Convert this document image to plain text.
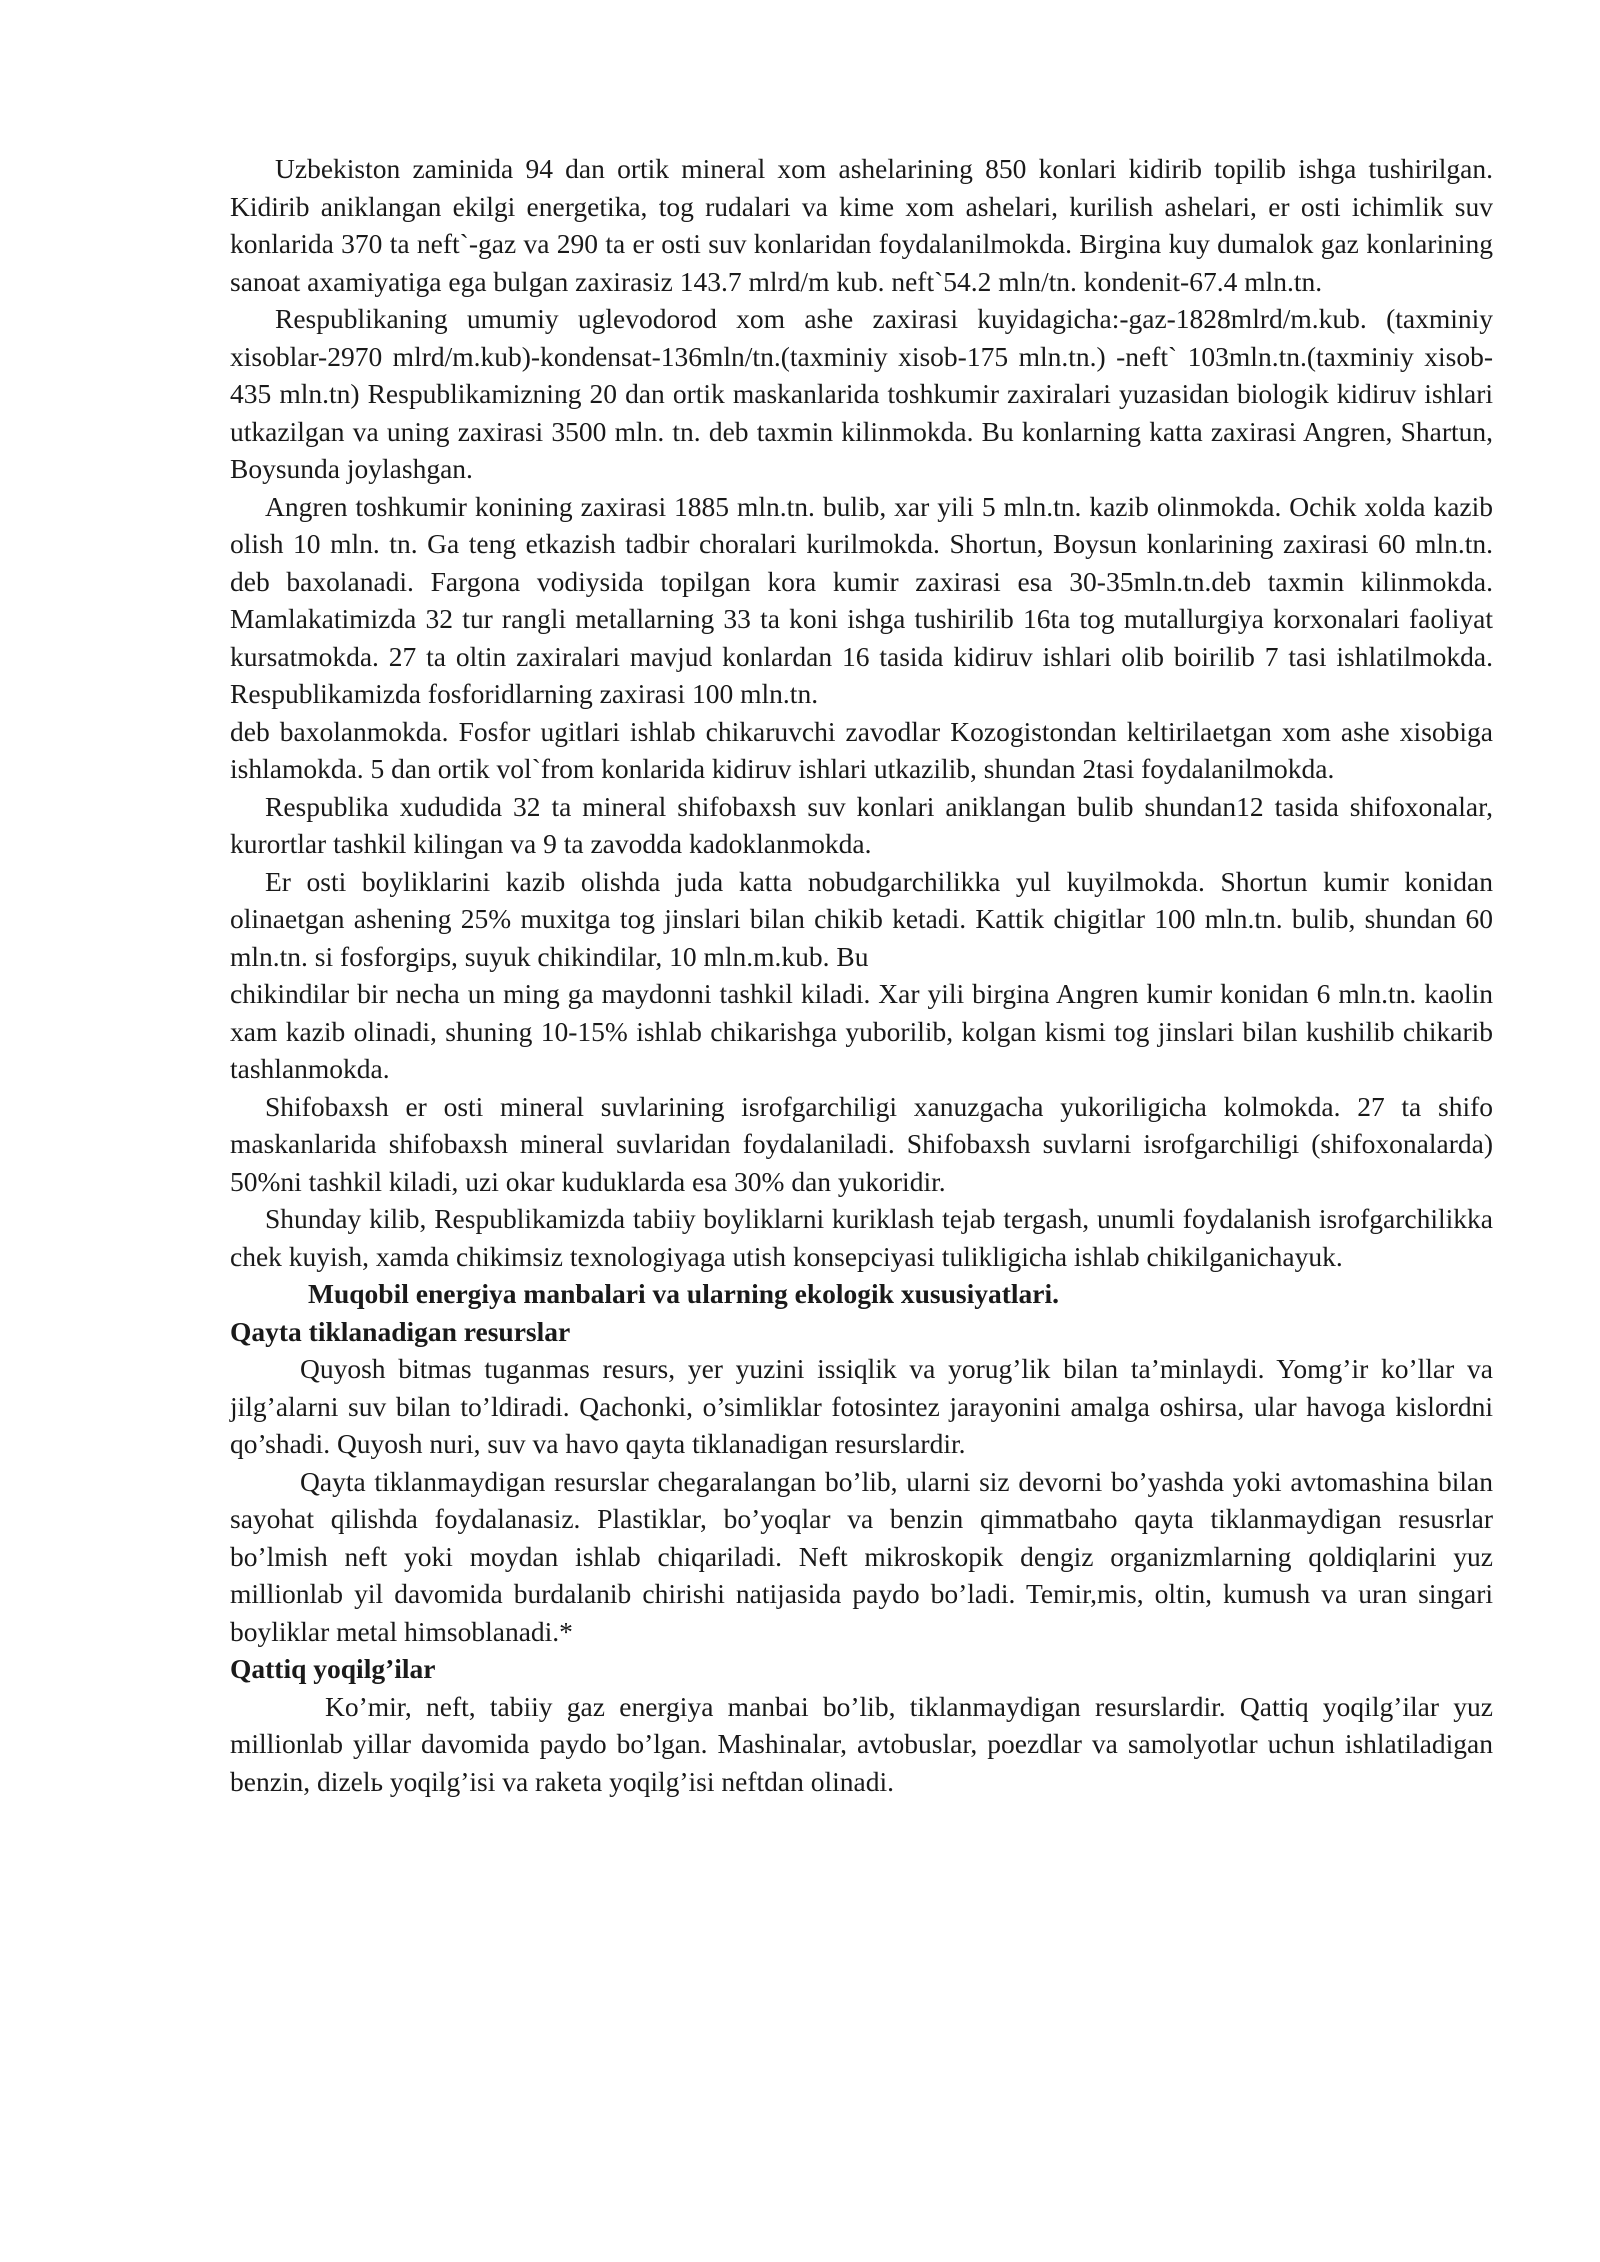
Uzbekiston zaminida 94 dan ortik mineral xom ashelarining 850 konlari kidirib topilib ishga tushirilgan. Kidirib aniklangan ekilgi energetika, tog rudalari va kime xom ashelari, kurilish ashelari, er osti ichimlik suv konlarida 370 ta neft`-gaz va 290 ta er osti suv konlaridan foydalanilmokda. Birgina kuy dumalok gaz konlarining sanoat axamiyatiga ega bulgan zaxirasiz 143.7 mlrd/m kub. neft`54.2 mln/tn. kondenit-67.4 mln.tn.

Respublikaning umumiy uglevodorod xom ashe zaxirasi kuyidagicha:-gaz-1828mlrd/m.kub. (taxminiy xisoblar-2970 mlrd/m.kub)-kondensat-136mln/tn.(taxminiy xisob-175 mln.tn.) -neft` 103mln.tn.(taxminiy xisob-435 mln.tn) Respublikamizning 20 dan ortik maskanlarida toshkumir zaxiralari yuzasidan biologik kidiruv ishlari utkazilgan va uning zaxirasi 3500 mln. tn. deb taxmin kilinmokda. Bu konlarning katta zaxirasi Angren, Shartun, Boysunda joylashgan.

Angren toshkumir konining zaxirasi 1885 mln.tn. bulib, xar yili 5 mln.tn. kazib olinmokda. Ochik xolda kazib olish 10 mln. tn. Ga teng etkazish tadbir choralari kurilmokda. Shortun, Boysun konlarining zaxirasi 60 mln.tn. deb baxolanadi. Fargona vodiysida topilgan kora kumir zaxirasi esa 30-35mln.tn.deb taxmin kilinmokda. Mamlakatimizda 32 tur rangli metallarning 33 ta koni ishga tushirilib 16ta tog mutallurgiya korxonalari faoliyat kursatmokda. 27 ta oltin zaxiralari mavjud konlardan 16 tasida kidiruv ishlari olib boirilib 7 tasi ishlatilmokda. Respublikamizda fosforidlarning zaxirasi 100 mln.tn.

deb baxolanmokda. Fosfor ugitlari ishlab chikaruvchi zavodlar Kozogistondan keltirilaetgan xom ashe xisobiga ishlamokda. 5 dan ortik vol`from konlarida kidiruv ishlari utkazilib, shundan 2tasi foydalanilmokda.

Respublika xududida 32 ta mineral shifobaxsh suv konlari aniklangan bulib shundan12 tasida shifoxonalar, kurortlar tashkil kilingan va 9 ta zavodda kadoklanmokda.

Er osti boyliklarini kazib olishda juda katta nobudgarchilikka yul kuyilmokda. Shortun kumir konidan olinaetgan ashening 25% muxitga tog jinslari bilan chikib ketadi. Kattik chigitlar 100 mln.tn. bulib, shundan 60 mln.tn. si fosforgips, suyuk chikindilar, 10 mln.m.kub. Bu

chikindilar bir necha un ming ga maydonni tashkil kiladi. Xar yili birgina Angren kumir konidan 6 mln.tn. kaolin xam kazib olinadi, shuning 10-15% ishlab chikarishga yuborilib, kolgan kismi tog jinslari bilan kushilib chikarib tashlanmokda.

Shifobaxsh er osti mineral suvlarining isrofgarchiligi xanuzgacha yukoriligicha kolmokda. 27 ta shifo maskanlarida shifobaxsh mineral suvlaridan foydalaniladi. Shifobaxsh suvlarni isrofgarchiligi (shifoxonalarda) 50%ni tashkil kiladi, uzi okar kuduklarda esa 30% dan yukoridir.

Shunday kilib, Respublikamizda tabiiy boyliklarni kuriklash tejab tergash, unumli foydalanish isrofgarchilikka chek kuyish, xamda chikimsiz texnologiyaga utish konsepciyasi tulikligicha ishlab chikilganichayuk.

Muqobil energiya manbalari va ularning ekologik xususiyatlari.

Qayta tiklanadigan resurslar

Quyosh bitmas tuganmas resurs, yer yuzini issiqlik va yorug’lik bilan ta’minlaydi. Yomg’ir ko’llar va jilg’alarni suv bilan to’ldiradi. Qachonki, o’simliklar fotosintez jarayonini amalga oshirsa, ular havoga kislordni qo’shadi. Quyosh nuri, suv va havo qayta tiklanadigan resurslardir.

Qayta tiklanmaydigan resurslar chegaralangan bo’lib, ularni siz devorni bo’yashda yoki avtomashina bilan sayohat qilishda foydalanasiz. Plastiklar, bo’yoqlar va benzin qimmatbaho qayta tiklanmaydigan resusrlar bo’lmish neft yoki moydan ishlab chiqariladi. Neft mikroskopik dengiz organizmlarning qoldiqlarini yuz millionlab yil davomida burdalanib chirishi natijasida paydo bo’ladi. Temir,mis, oltin, kumush va uran singari boyliklar metal himsoblanadi.*

Qattiq yoqilg’ilar

Ko’mir, neft, tabiiy gaz energiya manbai bo’lib, tiklanmaydigan resurslardir. Qattiq yoqilg’ilar yuz millionlab yillar davomida paydo bo’lgan. Mashinalar, avtobuslar, poezdlar va samolyotlar uchun ishlatiladigan benzin, dizelь yoqilg’isi va raketa yoqilg’isi neftdan olinadi.
